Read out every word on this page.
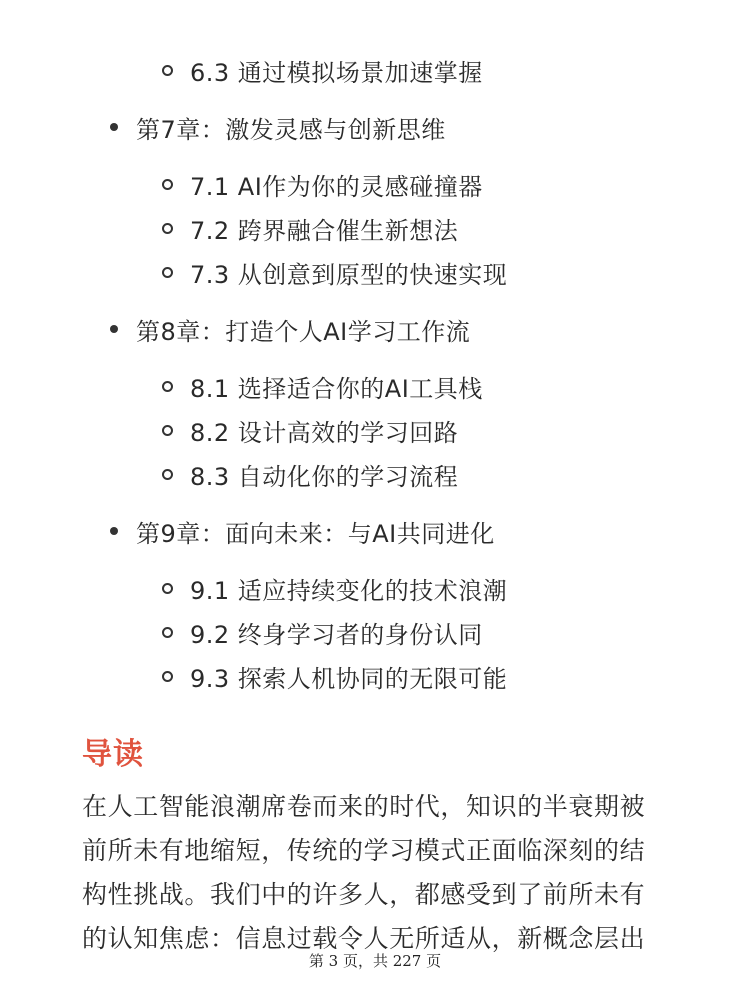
6.3 通过模拟场景加速掌握
第7章：激发灵感与创新思维
7.1 AI作为你的灵感碰撞器
7.2 跨界融合催生新想法
7.3 从创意到原型的快速实现
第8章：打造个人AI学习工作流
8.1 选择适合你的AI工具栈
8.2 设计高效的学习回路
8.3 自动化你的学习流程
第9章：面向未来：与AI共同进化
9.1 适应持续变化的技术浪潮
9.2 终身学习者的身份认同
9.3 探索人机协同的无限可能
导读
在人工智能浪潮席卷而来的时代，知识的半衰期被
前所未有地缩短，传统的学习模式正面临深刻的结
构性挑战。我们中的许多人，都感受到了前所未有
的认知焦虑：信息过载令人无所适从，新概念层出
第 3 页，共 227 页
